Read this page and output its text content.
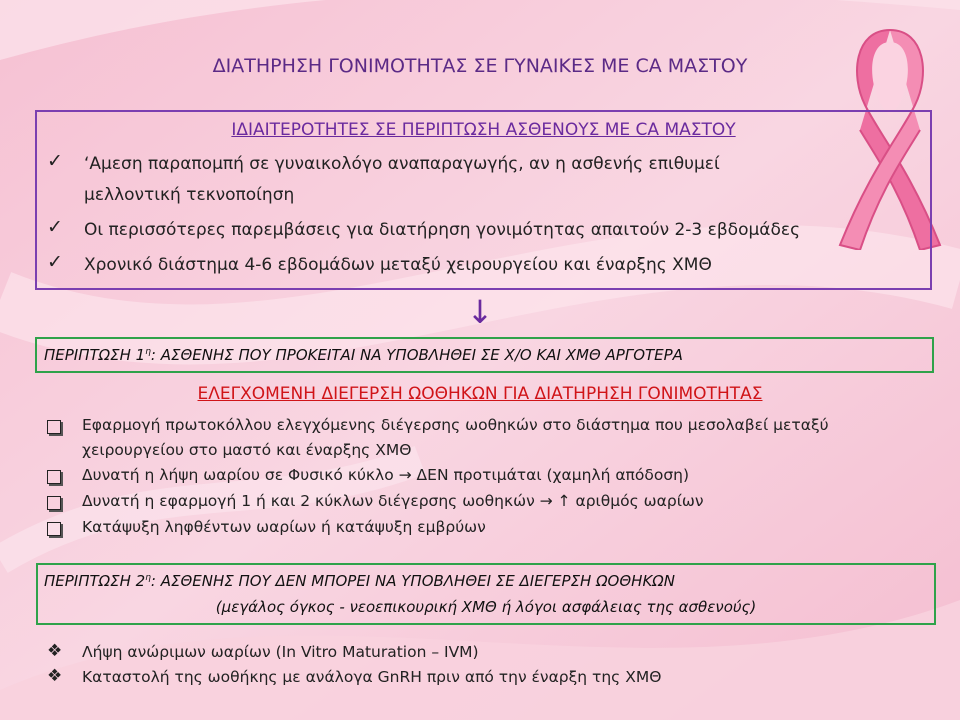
ΔΙΑΤΗΡΗΣΗ ΓΟΝΙΜΟΤΗΤΑΣ ΣΕ ΓΥΝΑΙΚΕΣ ΜΕ CA ΜΑΣΤΟΥ
ΙΔΙΑΙΤΕΡΟΤΗΤΕΣ ΣΕ ΠΕΡΙΠΤΩΣΗ ΑΣΘΕΝΟΥΣ ΜΕ CA ΜΑΣΤΟΥ
✓	‘Αμεση παραπομπή σε γυναικολόγο αναπαραγωγής, αν η ασθενής επιθυμεί
μελλοντική τεκνοποίηση
✓	Οι περισσότερες παρεμβάσεις για διατήρηση γονιμότητας απαιτούν 2-3 εβδομάδες
✓	Χρονικό διάστημα 4-6 εβδομάδων μεταξύ χειρουργείου και έναρξης ΧΜΘ
↓
ΠΕΡΙΠΤΩΣΗ $1^\eta$: ΑΣΘΕΝΗΣ ΠΟΥ ΠΡΟΚΕΙΤΑΙ ΝΑ ΥΠΟΒΛΗΘΕΙ ΣΕ Χ/Ο ΚΑΙ ΧΜΘ ΑΡΓΟΤΕΡΑ
ΕΛΕΓΧΟΜΕΝΗ ΔΙΕΓΕΡΣΗ ΩΟΘΗΚΩΝ ΓΙΑ ΔΙΑΤΗΡΗΣΗ ΓΟΝΙΜΟΤΗΤΑΣ
Εφαρμογή πρωτοκόλλου ελεγχόμενης διέγερσης ωοθηκών στο διάστημα που μεσολαβεί μεταξύ
χειρουργείου στο μαστό και έναρξης ΧΜΘ
Δυνατή η λήψη ωαρίου σε Φυσικό κύκλο → ΔΕΝ προτιμάται (χαμηλή απόδοση)
Δυνατή η εφαρμογή 1 ή και 2 κύκλων διέγερσης ωοθηκών → ↑ αριθμός ωαρίων
Κατάψυξη ληφθέντων ωαρίων ή κατάψυξη εμβρύων
ΠΕΡΙΠΤΩΣΗ $2^\eta$: ΑΣΘΕΝΗΣ ΠΟΥ ΔΕΝ ΜΠΟΡΕΙ ΝΑ ΥΠΟΒΛΗΘΕΙ ΣΕ ΔΙΕΓΕΡΣΗ ΩΟΘΗΚΩΝ
(μεγάλος όγκος - νεοεπικουρική ΧΜΘ ή λόγοι ασφάλειας της ασθενούς)
❖ Λήψη ανώριμων ωαρίων (In Vitro Maturation – IVM)
❖ Καταστολή της ωοθήκης με ανάλογα GnRH πριν από την έναρξη της ΧΜΘ
